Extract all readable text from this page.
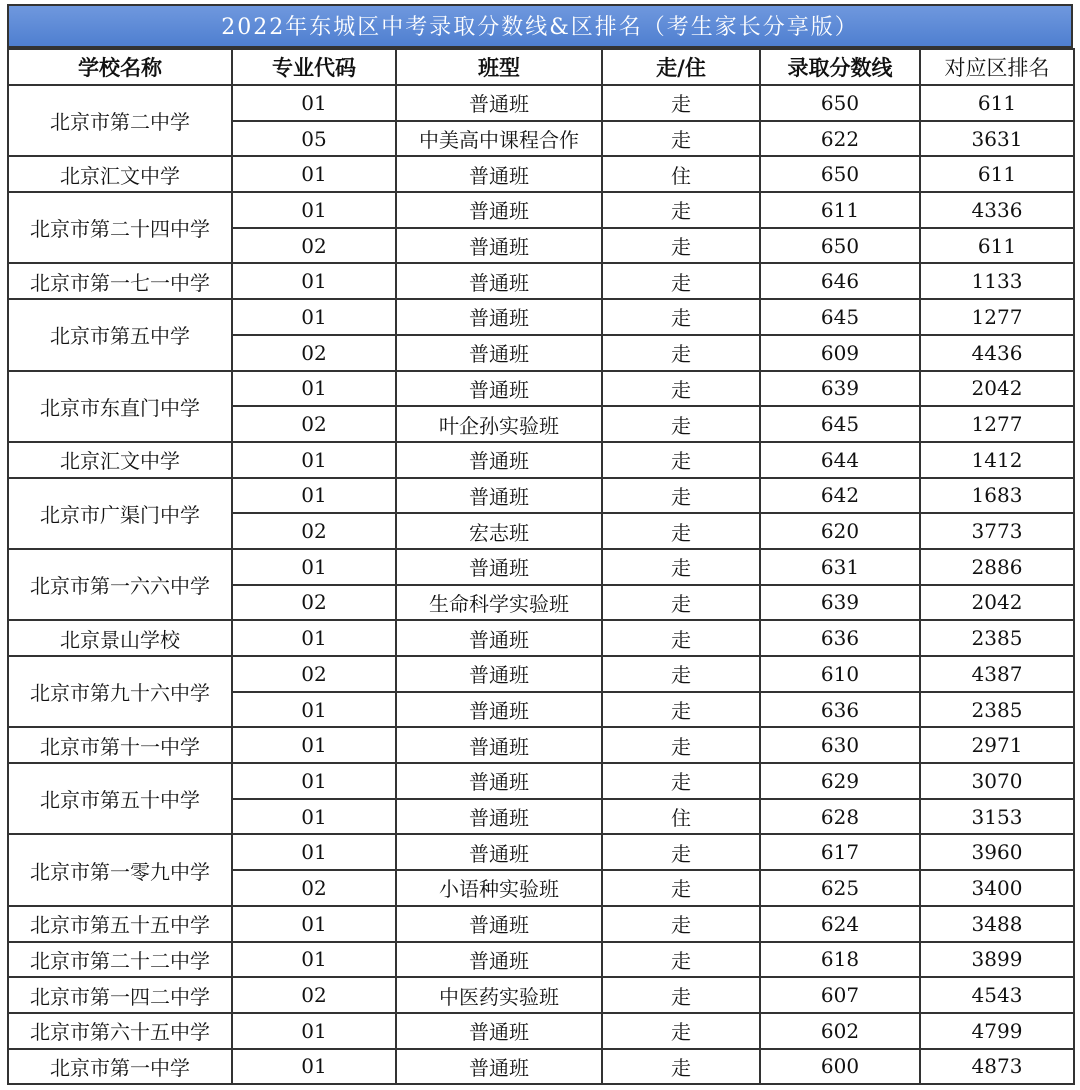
2022年东城区中考录取分数线&区排名（考生家长分享版）
学校名称	专业代码	班型	走/住	录取分数线	对应区排名
北京市第二中学	01	普通班	走	650	611
	05	中美高中课程合作	走	622	3631
北京汇文中学	01	普通班	住	650	611
北京市第二十四中学	01	普通班	走	611	4336
	02	普通班	走	650	611
北京市第一七一中学	01	普通班	走	646	1133
北京市第五中学	01	普通班	走	645	1277
	02	普通班	走	609	4436
北京市东直门中学	01	普通班	走	639	2042
	02	叶企孙实验班	走	645	1277
北京汇文中学	01	普通班	走	644	1412
北京市广渠门中学	01	普通班	走	642	1683
	02	宏志班	走	620	3773
北京市第一六六中学	01	普通班	走	631	2886
	02	生命科学实验班	走	639	2042
北京景山学校	01	普通班	走	636	2385
北京市第九十六中学	02	普通班	走	610	4387
	01	普通班	走	636	2385
北京市第十一中学	01	普通班	走	630	2971
北京市第五十中学	01	普通班	走	629	3070
	01	普通班	住	628	3153
北京市第一零九中学	01	普通班	走	617	3960
	02	小语种实验班	走	625	3400
北京市第五十五中学	01	普通班	走	624	3488
北京市第二十二中学	01	普通班	走	618	3899
北京市第一四二中学	02	中医药实验班	走	607	4543
北京市第六十五中学	01	普通班	走	602	4799
北京市第一中学	01	普通班	走	600	4873
